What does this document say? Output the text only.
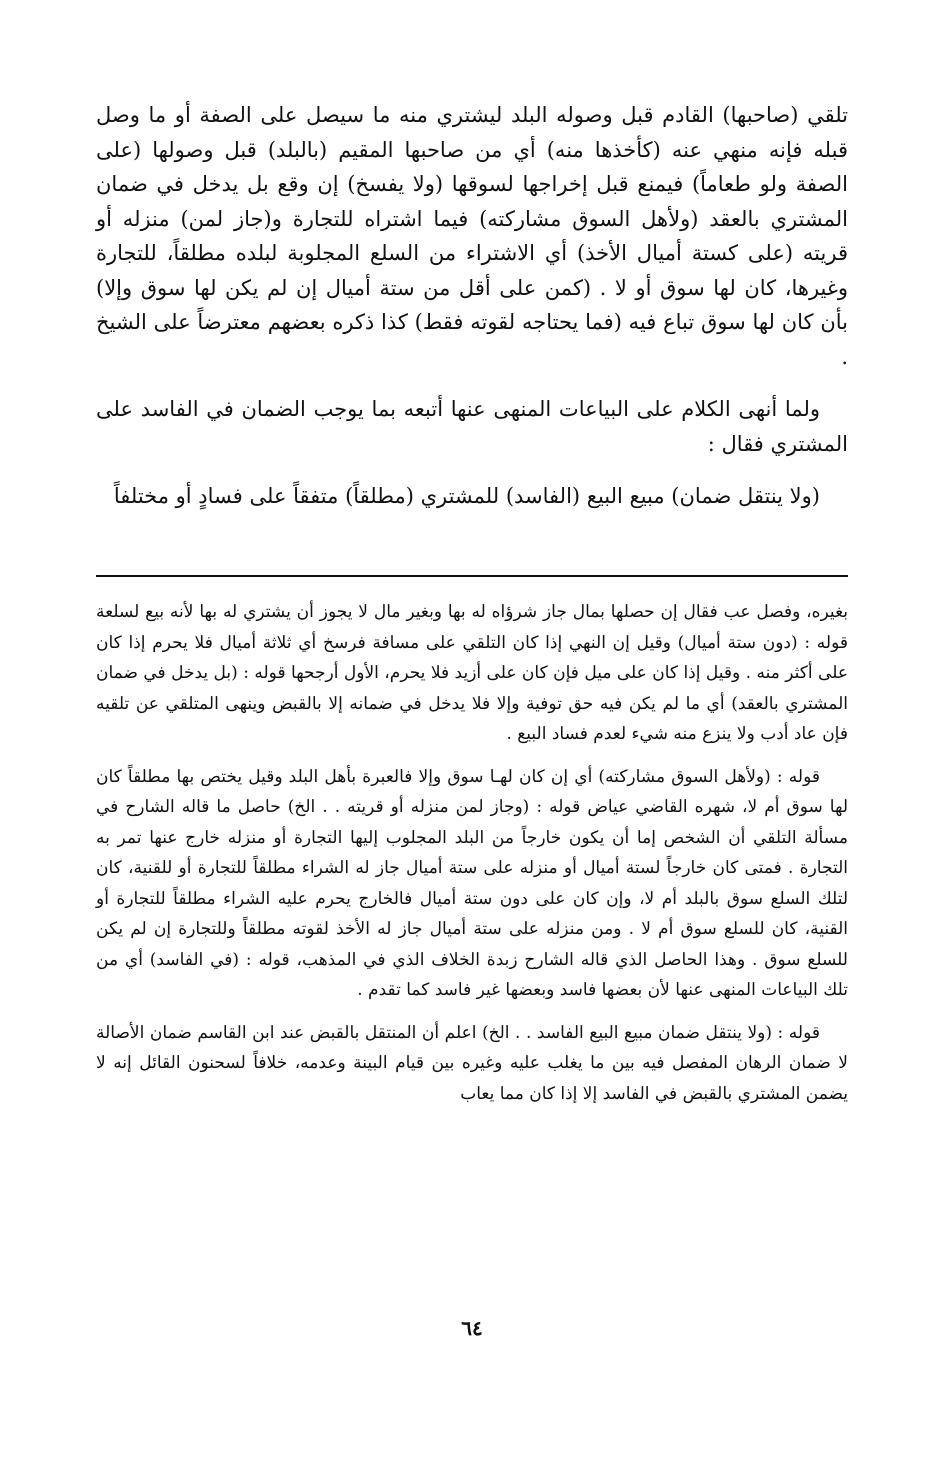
تلقي (صاحبها) القادم قبل وصوله البلد ليشتري منه ما سيصل على الصفة أو ما وصل قبله فإنه منهي عنه (كأخذها منه) أي من صاحبها المقيم (بالبلد) قبل وصولها (على الصفة ولو طعاماً) فيمنع قبل إخراجها لسوقها (ولا يفسخ) إن وقع بل يدخل في ضمان المشتري بالعقد (ولأهل السوق مشاركته) فيما اشتراه للتجارة و(جاز لمن) منزله أو قريته (على كستة أميال الأخذ) أي الاشتراء من السلع المجلوبة لبلده مطلقاً، للتجارة وغيرها، كان لها سوق أو لا . (كمن على أقل من ستة أميال إن لم يكن لها سوق وإلا) بأن كان لها سوق تباع فيه (فما يحتاجه لقوته فقط) كذا ذكره بعضهم معترضاً على الشيخ .

ولما أنهى الكلام على البياعات المنهى عنها أتبعه بما يوجب الضمان في الفاسد على المشتري فقال :

(ولا ينتقل ضمان) مبيع البيع (الفاسد) للمشتري (مطلقاً) متفقاً على فسادٍ أو مختلفاً

بغيره، وفصل عب فقال إن حصلها بمال جاز شرؤاه له بها وبغير مال لا يجوز أن يشتري له بها لأنه بيع لسلعة قوله : (دون ستة أميال) وقيل إن النهي إذا كان التلقي على مسافة فرسخ أي ثلاثة أميال فلا يحرم إذا كان على أكثر منه . وقيل إذا كان على ميل فإن كان على أزيد فلا يحرم، الأول أرجحها قوله : (بل يدخل في ضمان المشتري بالعقد) أي ما لم يكن فيه حق توفية وإلا فلا يدخل في ضمانه إلا بالقبض وينهى المتلقي عن تلقيه فإن عاد أدب ولا ينزع منه شيء لعدم فساد البيع .

قوله : (ولأهل السوق مشاركته) أي إن كان لهـا سوق وإلا فالعبرة بأهل البلد وقيل يختص بها مطلقاً كان لها سوق أم لا، شهره القاضي عياض قوله : (وجاز لمن منزله أو قريته . . الخ) حاصل ما قاله الشارح في مسألة التلقي أن الشخص إما أن يكون خارجاً من البلد المجلوب إليها التجارة أو منزله خارج عنها تمر به التجارة . فمتى كان خارجاً لستة أميال أو منزله على ستة أميال جاز له الشراء مطلقاً للتجارة أو للقنية، كان لتلك السلع سوق بالبلد أم لا، وإن كان على دون ستة أميال فالخارج يحرم عليه الشراء مطلقاً للتجارة أو القنية، كان للسلع سوق أم لا . ومن منزله على ستة أميال جاز له الأخذ لقوته مطلقاً وللتجارة إن لم يكن للسلع سوق . وهذا الحاصل الذي قاله الشارح زبدة الخلاف الذي في المذهب، قوله : (في الفاسد) أي من تلك البياعات المنهى عنها لأن بعضها فاسد وبعضها غير فاسد كما تقدم .

قوله : (ولا ينتقل ضمان مبيع البيع الفاسد . . الخ) اعلم أن المنتقل بالقبض عند ابن القاسم ضمان الأصالة لا ضمان الرهان المفصل فيه بين ما يغلب عليه وغيره بين قيام البينة وعدمه، خلافاً لسحنون القائل إنه لا يضمن المشتري بالقبض في الفاسد إلا إذا كان مما يعاب

٦٤
